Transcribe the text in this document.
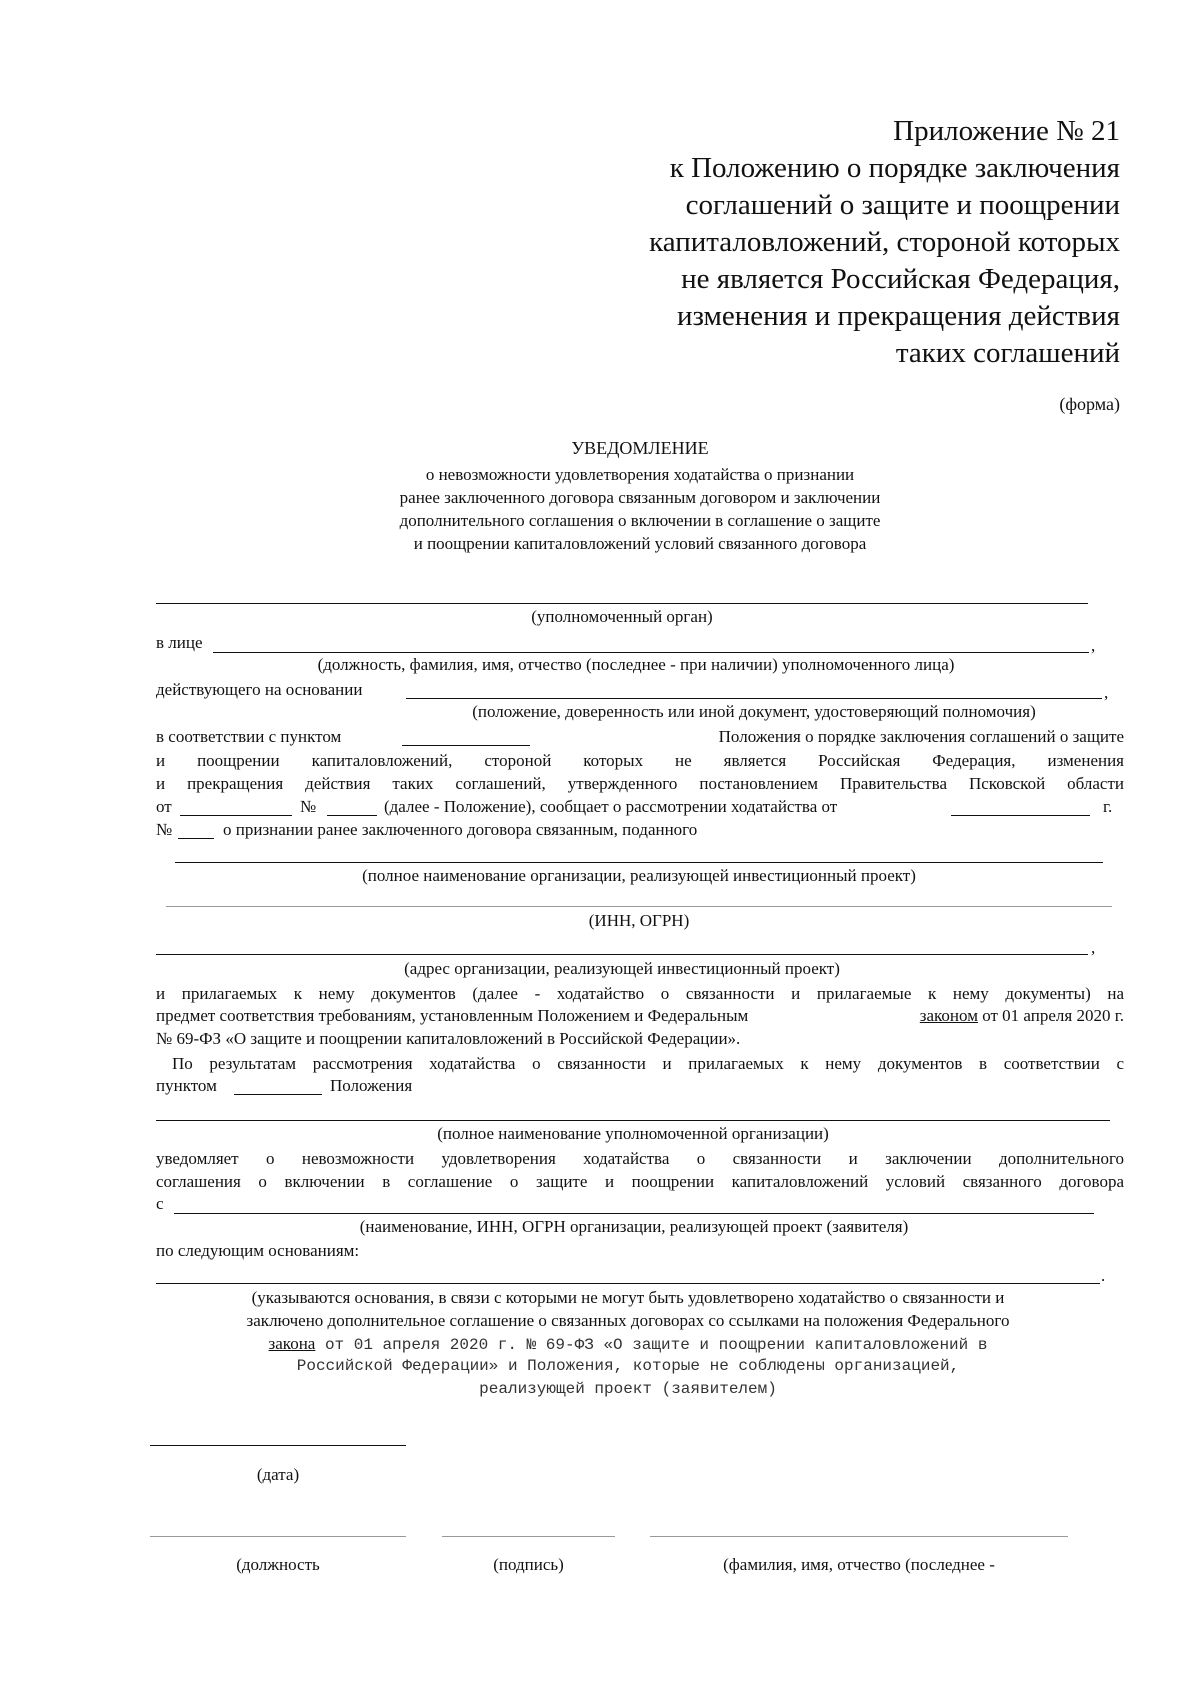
Приложение № 21
к Положению о порядке заключения
соглашений о защите и поощрении
капиталовложений, стороной которых
не является Российская Федерация,
изменения и прекращения действия
таких соглашений
(форма)
УВЕДОМЛЕНИЕ
о невозможности удовлетворения ходатайства о признании
ранее заключенного договора связанным договором и заключении
дополнительного соглашения о включении в соглашение о защите
и поощрении капиталовложений условий связанного договора
(уполномоченный орган)
в лице	,
(должность, фамилия, имя, отчество (последнее - при наличии) уполномоченного лица)
действующего на основании	,
(положение, доверенность или иной документ, удостоверяющий полномочия)
в соответствии с пунктом	Положения о порядке заключения соглашений о защите
и поощрении капиталовложений, стороной которых не является Российская Федерация, изменения
и прекращения действия таких соглашений, утвержденного постановлением Правительства Псковской области
от	№	(далее - Положение), сообщает о рассмотрении ходатайства от	г.
№	о признании ранее заключенного договора связанным, поданного
(полное наименование организации, реализующей инвестиционный проект)
(ИНН, ОГРН)
,
(адрес организации, реализующей инвестиционный проект)
и прилагаемых к нему документов (далее - ходатайство о связанности и прилагаемые к нему документы) на
предмет соответствия требованиям, установленным Положением и Федеральным	законом от 01 апреля 2020 г.
№ 69-ФЗ «О защите и поощрении капиталовложений в Российской Федерации».
По результатам рассмотрения ходатайства о связанности и прилагаемых к нему документов в соответствии с
пунктом	Положения
(полное наименование уполномоченной организации)
уведомляет о невозможности удовлетворения ходатайства о связанности и заключении дополнительного
соглашения о включении в соглашение о защите и поощрении капиталовложений условий связанного договора
с
(наименование, ИНН, ОГРН организации, реализующей проект (заявителя)
по следующим основаниям:
.
(указываются основания, в связи с которыми не могут быть удовлетворено ходатайство о связанности и
заключено дополнительное соглашение о связанных договорах со ссылками на положения Федерального
закона от 01 апреля 2020 г. № 69-ФЗ «О защите и поощрении капиталовложений в
Российской Федерации» и Положения, которые не соблюдены организацией,
реализующей проект (заявителем)
(дата)
(должность	(подпись)	(фамилия, имя, отчество (последнее -
